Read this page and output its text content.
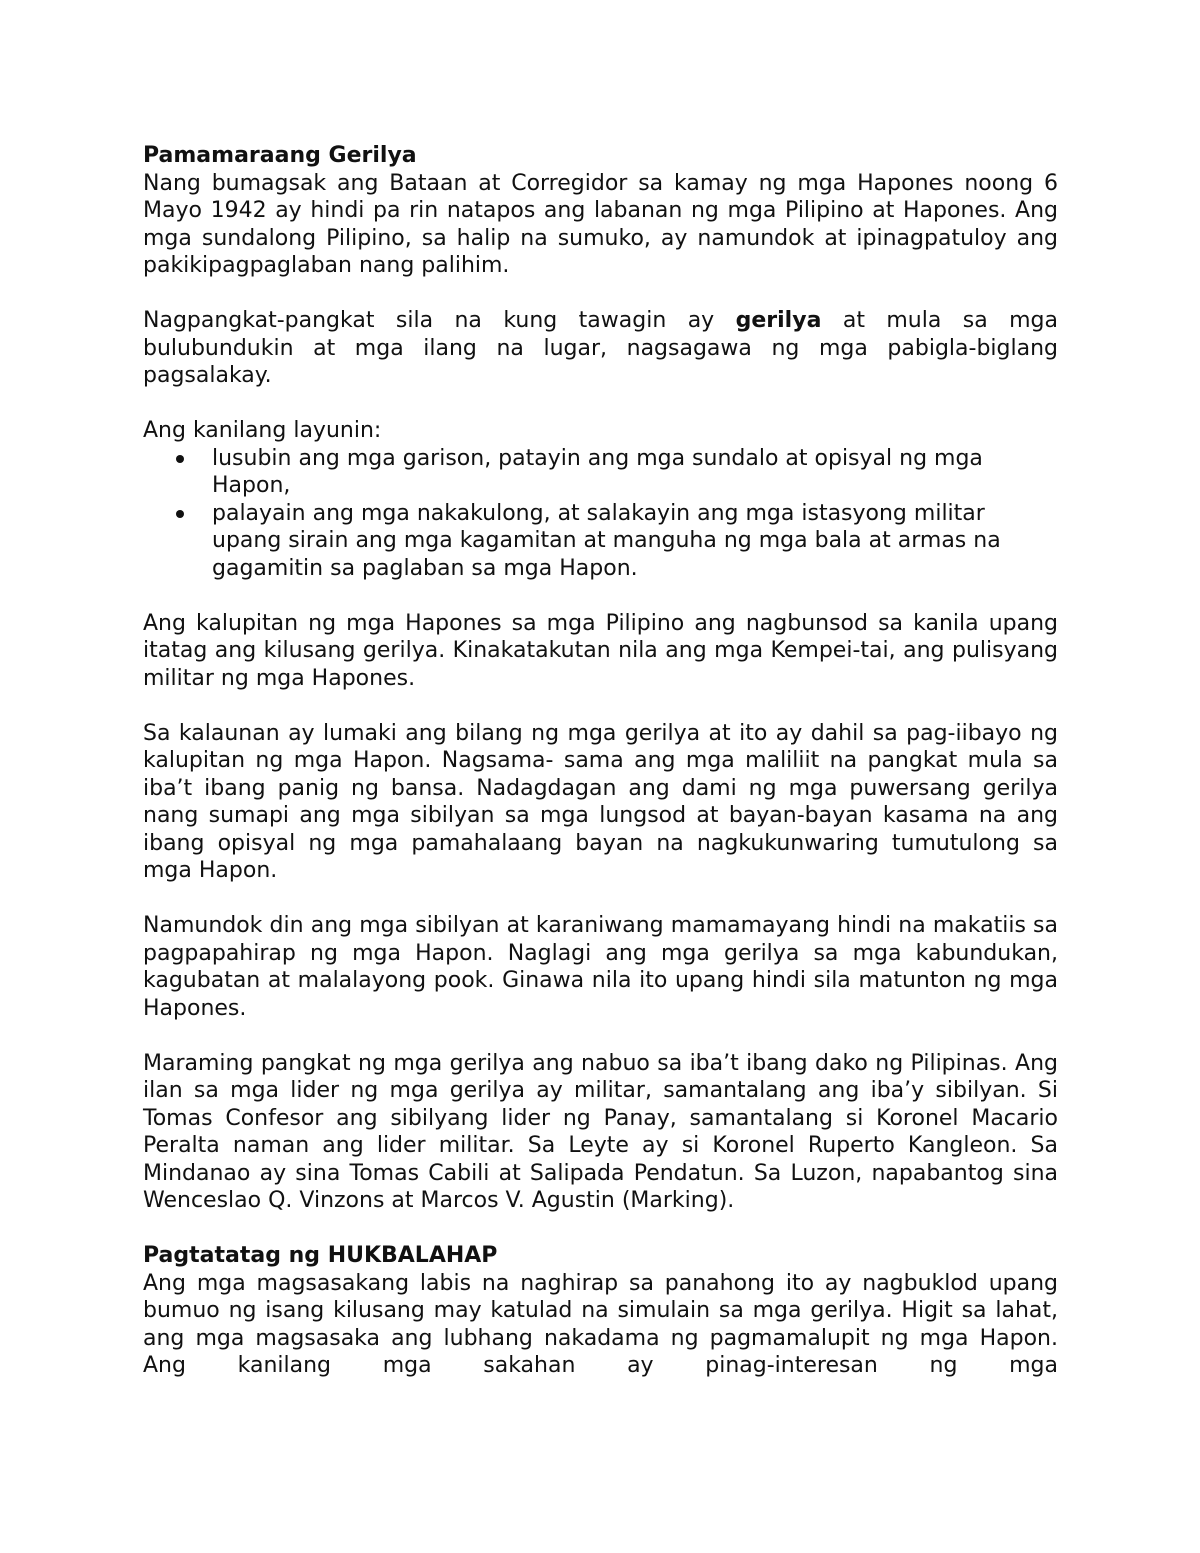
Pamamaraang Gerilya

Nang bumagsak ang Bataan at Corregidor sa kamay ng mga Hapones noong 6 Mayo 1942 ay hindi pa rin natapos ang labanan ng mga Pilipino at Hapones. Ang mga sundalong Pilipino, sa halip na sumuko, ay namundok at ipinagpatuloy ang pakikipagpaglaban nang palihim.

Nagpangkat-pangkat sila na kung tawagin ay gerilya at mula sa mga bulubundukin at mga ilang na lugar, nagsagawa ng mga pabigla-biglang pagsalakay.

Ang kanilang layunin:

lusubin ang mga garison, patayin ang mga sundalo at opisyal ng mga Hapon,
palayain ang mga nakakulong, at salakayin ang mga istasyong militar upang sirain ang mga kagamitan at manguha ng mga bala at armas na gagamitin sa paglaban sa mga Hapon.

Ang kalupitan ng mga Hapones sa mga Pilipino ang nagbunsod sa kanila upang itatag ang kilusang gerilya. Kinakatakutan nila ang mga Kempei-tai, ang pulisyang militar ng mga Hapones.

Sa kalaunan ay lumaki ang bilang ng mga gerilya at ito ay dahil sa pag-iibayo ng kalupitan ng mga Hapon. Nagsama- sama ang mga maliliit na pangkat mula sa iba’t ibang panig ng bansa. Nadagdagan ang dami ng mga puwersang gerilya nang sumapi ang mga sibilyan sa mga lungsod at bayan-bayan kasama na ang ibang opisyal ng mga pamahalaang bayan na nagkukunwaring tumutulong sa mga Hapon.

Namundok din ang mga sibilyan at karaniwang mamamayang hindi na makatiis sa pagpapahirap ng mga Hapon. Naglagi ang mga gerilya sa mga kabundukan, kagubatan at malalayong pook. Ginawa nila ito upang hindi sila matunton ng mga Hapones.

Maraming pangkat ng mga gerilya ang nabuo sa iba’t ibang dako ng Pilipinas. Ang ilan sa mga lider ng mga gerilya ay militar, samantalang ang iba’y sibilyan. Si Tomas Confesor ang sibilyang lider ng Panay, samantalang si Koronel Macario Peralta naman ang lider militar. Sa Leyte ay si Koronel Ruperto Kangleon. Sa Mindanao ay sina Tomas Cabili at Salipada Pendatun. Sa Luzon, napabantog sina Wenceslao Q. Vinzons at Marcos V. Agustin (Marking).

Pagtatatag ng HUKBALAHAP

Ang mga magsasakang labis na naghirap sa panahong ito ay nagbuklod upang bumuo ng isang kilusang may katulad na simulain sa mga gerilya. Higit sa lahat, ang mga magsasaka ang lubhang nakadama ng pagmamalupit ng mga Hapon. Ang kanilang mga sakahan ay pinag-interesan ng mga
